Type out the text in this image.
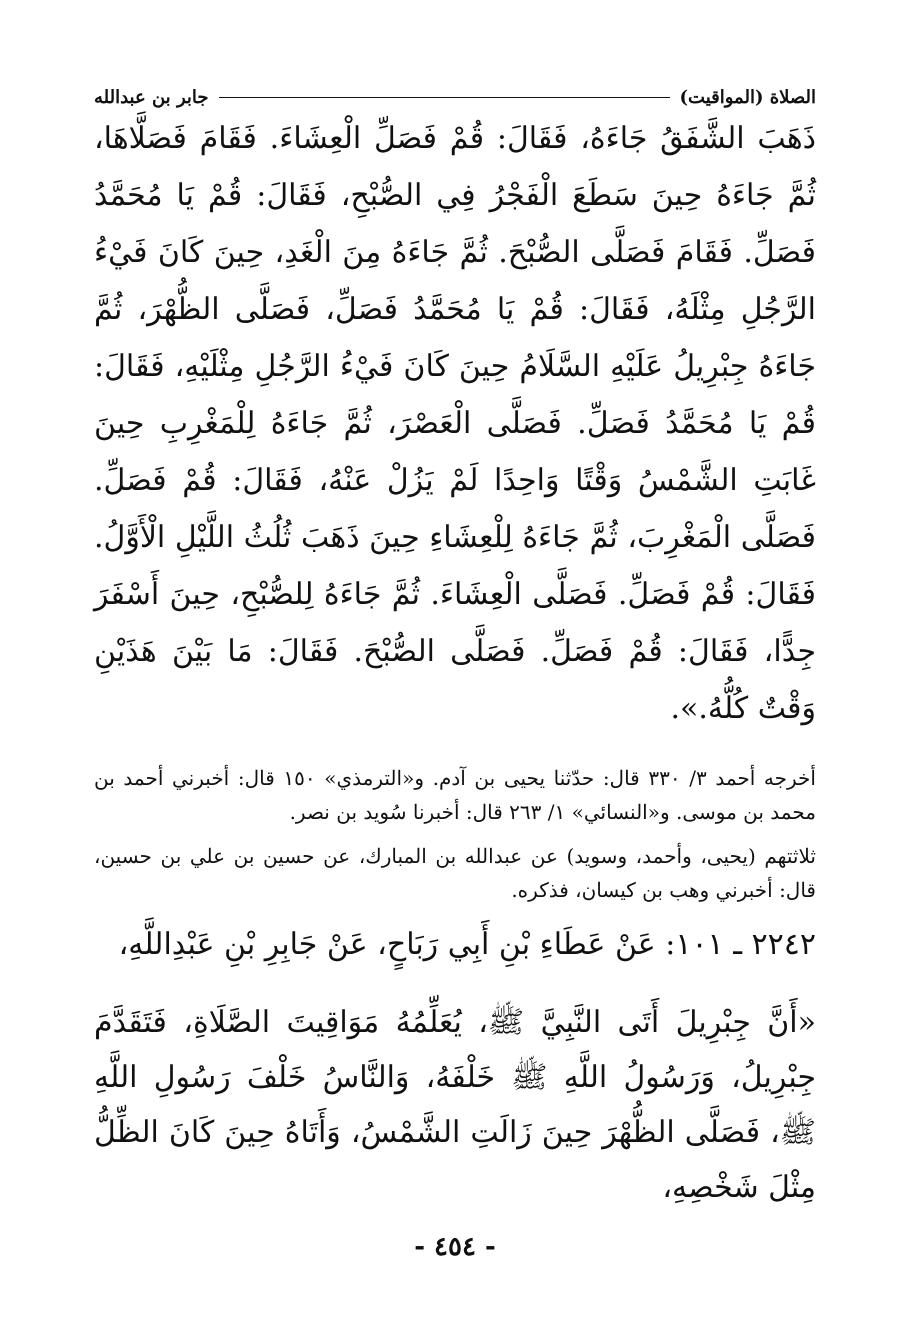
الصلاة (المواقيت)
جابر بن عبدالله

ذَهَبَ الشَّفَقُ جَاءَهُ، فَقَالَ: قُمْ فَصَلِّ الْعِشَاءَ. فَقَامَ فَصَلَّاهَا، ثُمَّ جَاءَهُ حِينَ سَطَعَ الْفَجْرُ فِي الصُّبْحِ، فَقَالَ: قُمْ يَا مُحَمَّدُ فَصَلِّ. فَقَامَ فَصَلَّى الصُّبْحَ. ثُمَّ جَاءَهُ مِنَ الْغَدِ، حِينَ كَانَ فَيْءُ الرَّجُلِ مِثْلَهُ، فَقَالَ: قُمْ يَا مُحَمَّدُ فَصَلِّ، فَصَلَّى الظُّهْرَ، ثُمَّ جَاءَهُ جِبْرِيلُ عَلَيْهِ السَّلَامُ حِينَ كَانَ فَيْءُ الرَّجُلِ مِثْلَيْهِ، فَقَالَ: قُمْ يَا مُحَمَّدُ فَصَلِّ. فَصَلَّى الْعَصْرَ، ثُمَّ جَاءَهُ لِلْمَغْرِبِ حِينَ غَابَتِ الشَّمْسُ وَقْتًا وَاحِدًا لَمْ يَزُلْ عَنْهُ، فَقَالَ: قُمْ فَصَلِّ. فَصَلَّى الْمَغْرِبَ، ثُمَّ جَاءَهُ لِلْعِشَاءِ حِينَ ذَهَبَ ثُلُثُ اللَّيْلِ الْأَوَّلُ. فَقَالَ: قُمْ فَصَلِّ. فَصَلَّى الْعِشَاءَ. ثُمَّ جَاءَهُ لِلصُّبْحِ، حِينَ أَسْفَرَ جِدًّا، فَقَالَ: قُمْ فَصَلِّ. فَصَلَّى الصُّبْحَ. فَقَالَ: مَا بَيْنَ هَذَيْنِ وَقْتٌ كُلُّهُ.».

أخرجه أحمد ٣/ ٣٣٠ قال: حدّثنا يحيى بن آدم. و«الترمذي» ١٥٠ قال: أخبرني أحمد بن محمد بن موسى. و«النسائي» ١/ ٢٦٣ قال: أخبرنا سُويد بن نصر.

ثلاثتهم (يحيى، وأحمد، وسويد) عن عبدالله بن المبارك، عن حسين بن علي بن حسين، قال: أخبرني وهب بن كيسان، فذكره.

٢٢٤٢ ـ ١٠١: عَنْ عَطَاءِ بْنِ أَبِي رَبَاحٍ، عَنْ جَابِرِ بْنِ عَبْدِاللَّهِ،

«أَنَّ جِبْرِيلَ أَتَى النَّبِيَّ ﷺ، يُعَلِّمُهُ مَوَاقِيتَ الصَّلَاةِ، فَتَقَدَّمَ جِبْرِيلُ، وَرَسُولُ اللَّهِ ﷺ خَلْفَهُ، وَالنَّاسُ خَلْفَ رَسُولِ اللَّهِ ﷺ، فَصَلَّى الظُّهْرَ حِينَ زَالَتِ الشَّمْسُ، وَأَتَاهُ حِينَ كَانَ الظِّلُّ مِثْلَ شَخْصِهِ،

- ٤٥٤ -
